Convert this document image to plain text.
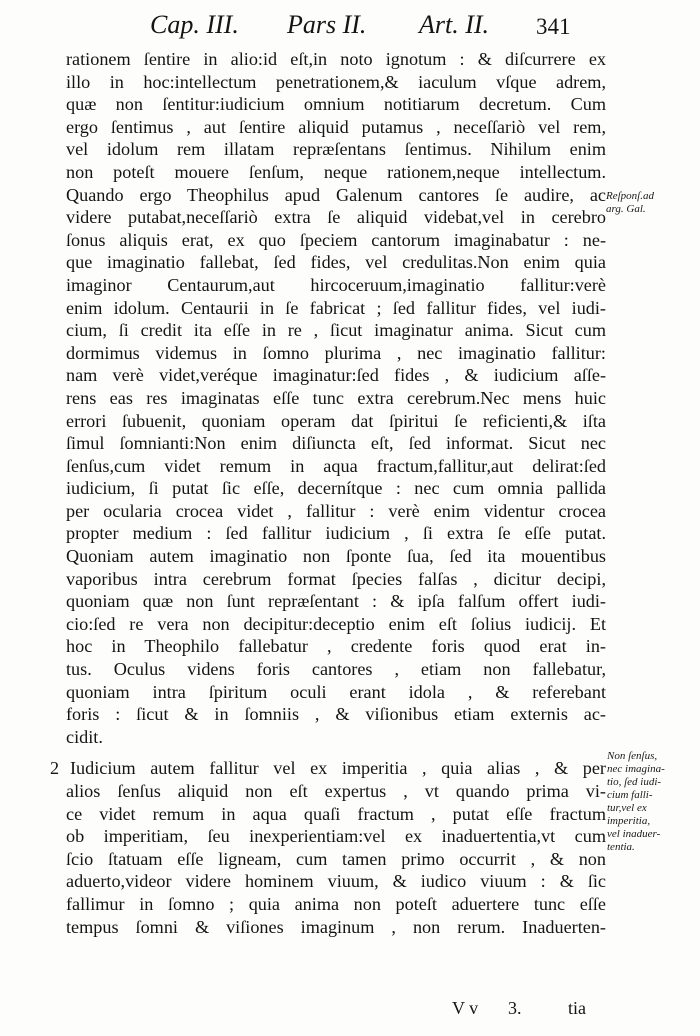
Cap. III. Pars II. Art. II. 341
rationem ſentire in alio:id eſt,in noto ignotum : & diſcurrere ex
illo in hoc:intellectum penetrationem,& iaculum vſque adrem,
quæ non ſentitur:iudicium omnium notitiarum decretum. Cum
ergo ſentimus , aut ſentire aliquid putamus , neceſſariò vel rem,
vel idolum rem illatam repræſentans ſentimus. Nihilum enim
non poteſt mouere ſenſum, neque rationem,neque intellectum.
Quando ergo Theophilus apud Galenum cantores ſe audire, ac
videre putabat,neceſſariò extra ſe aliquid videbat,vel in cerebro
ſonus aliquis erat, ex quo ſpeciem cantorum imaginabatur : ne-
que imaginatio fallebat, ſed fides, vel credulitas.Non enim quia
imaginor Centaurum,aut hircoceruum,imaginatio fallitur:verè
enim idolum. Centaurii in ſe fabricat ; ſed fallitur fides, vel iudi-
cium, ſi credit ita eſſe in re , ſicut imaginatur anima. Sicut cum
dormimus videmus in ſomno plurima , nec imaginatio fallitur:
nam verè videt,veréque imaginatur:ſed fides , & iudicium aſſe-
rens eas res imaginatas eſſe tunc extra cerebrum.Nec mens huic
errori ſubuenit, quoniam operam dat ſpiritui ſe reficienti,& iſta
ſimul ſomnianti:Non enim diſiuncta eſt, ſed informat. Sicut nec
ſenſus,cum videt remum in aqua fractum,fallitur,aut delirat:ſed
iudicium, ſi putat ſic eſſe, decernítque : nec cum omnia pallida
per ocularia crocea videt , fallitur : verè enim videntur crocea
propter medium : ſed fallitur iudicium , ſi extra ſe eſſe putat.
Quoniam autem imaginatio non ſponte ſua, ſed ita mouentibus
vaporibus intra cerebrum format ſpecies falſas , dicitur decipi,
quoniam quæ non ſunt repræſentant : & ipſa falſum offert iudi-
cio:ſed re vera non decipitur:deceptio enim eſt ſolius iudicij. Et
hoc in Theophilo fallebatur , credente foris quod erat in-
tus. Oculus videns foris cantores , etiam non fallebatur,
quoniam intra ſpiritum oculi erant idola , & referebant
foris : ſicut & in ſomniis , & viſionibus etiam externis ac-
cidit.
2 Iudicium autem fallitur vel ex imperitia , quia alias , & per
alios ſenſus aliquid non eſt expertus , vt quando prima vi-
ce videt remum in aqua quaſi fractum , putat eſſe fractum
ob imperitiam, ſeu inexperientiam:vel ex inaduertentia,vt cum
ſcio ſtatuam eſſe ligneam, cum tamen primo occurrit , & non
aduerto,videor videre hominem viuum, & iudico viuum : & ſic
fallimur in ſomno ; quia anima non poteſt aduertere tunc eſſe
tempus ſomni & viſiones imaginum , non rerum. Inaduerten-
Reſponſ.ad
arg. Gal.
Non ſenſus,
nec imagina-
tio, ſed iudi-
cium falli-
tur,vel ex
imperitia,
vel inaduer-
tentia.
V v 3.	tia
